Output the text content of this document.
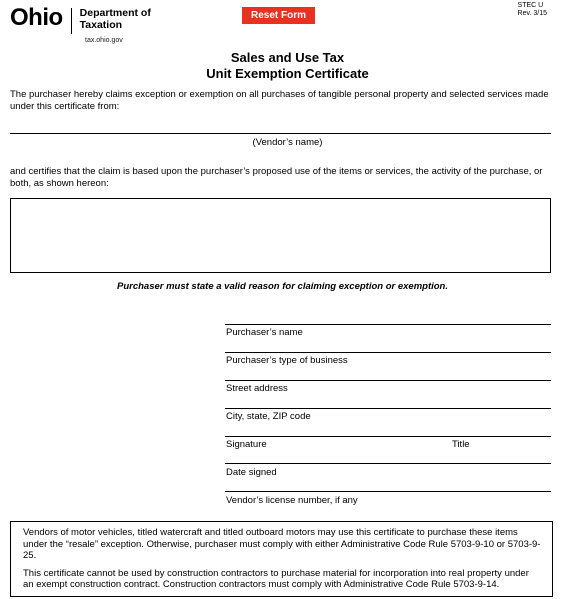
Ohio Department of
Taxation
tax.ohio.gov
Reset Form
STEC U
Rev. 3/15
Sales and Use Tax
Unit Exemption Certificate
The purchaser hereby claims exception or exemption on all purchases of tangible personal property and selected services made under this certificate from:
(Vendor’s name)
and certifies that the claim is based upon the purchaser’s proposed use of the items or services, the activity of the purchase, or both, as shown hereon:
Purchaser must state a valid reason for claiming exception or exemption.
Purchaser’s name
Purchaser’s type of business
Street address
City, state, ZIP code
Signature	Title
Date signed
Vendor’s license number, if any

Vendors of motor vehicles, titled watercraft and titled outboard motors may use this certificate to purchase these items under the “resale” exception. Otherwise, purchaser must comply with either Administrative Code Rule 5703-9-10 or 5703-9-25.

This certificate cannot be used by construction contractors to purchase material for incorporation into real property under an exempt construction contract. Construction contractors must comply with Administrative Code Rule 5703-9-14.
